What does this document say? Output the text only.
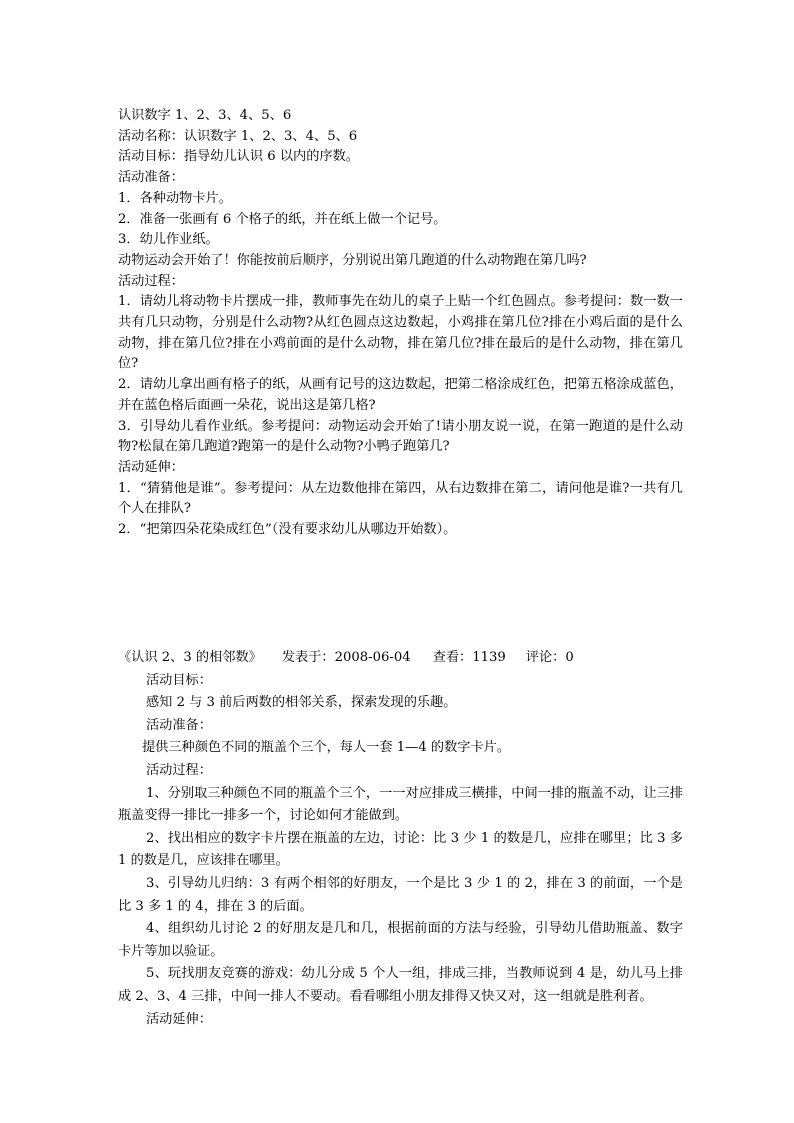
认识数字 1、2、3、4、5、6
活动名称：认识数字 1、2、3、4、5、6
活动目标：指导幼儿认识 6 以内的序数。
活动准备：
1．各种动物卡片。
2．准备一张画有 6 个格子的纸，并在纸上做一个记号。
3．幼儿作业纸。
动物运动会开始了！你能按前后顺序，分别说出第几跑道的什么动物跑在第几吗?
活动过程：
1．请幼儿将动物卡片摆成一排，教师事先在幼儿的桌子上贴一个红色圆点。参考提问：数一数一共有几只动物，分别是什么动物?从红色圆点这边数起，小鸡排在第几位?排在小鸡后面的是什么动物，排在第几位?排在小鸡前面的是什么动物，排在第几位?排在最后的是什么动物，排在第几位?
2．请幼儿拿出画有格子的纸，从画有记号的这边数起，把第二格涂成红色，把第五格涂成蓝色，并在蓝色格后面画一朵花，说出这是第几格?
3．引导幼儿看作业纸。参考提问：动物运动会开始了!请小朋友说一说，在第一跑道的是什么动物?松鼠在第几跑道?跑第一的是什么动物?小鸭子跑第几?
活动延伸：
1．“猜猜他是谁”。参考提问：从左边数他排在第四，从右边数排在第二，请问他是谁?一共有几个人在排队?
2．“把第四朵花染成红色”（没有要求幼儿从哪边开始数）。
《认识 2、3 的相邻数》 发表于：2008-06-04 查看：1139 评论：0
活动目标：
感知 2 与 3 前后两数的相邻关系，探索发现的乐趣。
活动准备：
提供三种颜色不同的瓶盖个三个，每人一套 1—4 的数字卡片。
活动过程：
1、分别取三种颜色不同的瓶盖个三个，一一对应排成三横排，中间一排的瓶盖不动，让三排瓶盖变得一排比一排多一个，讨论如何才能做到。
2、找出相应的数字卡片摆在瓶盖的左边，讨论：比 3 少 1 的数是几，应排在哪里；比 3 多 1 的数是几，应该排在哪里。
3、引导幼儿归纳：3 有两个相邻的好朋友，一个是比 3 少 1 的 2，排在 3 的前面，一个是比 3 多 1 的 4，排在 3 的后面。
4、组织幼儿讨论 2 的好朋友是几和几，根据前面的方法与经验，引导幼儿借助瓶盖、数字卡片等加以验证。
5、玩找朋友竞赛的游戏：幼儿分成 5 个人一组，排成三排，当教师说到 4 是，幼儿马上排成 2、3、4 三排，中间一排人不要动。看看哪组小朋友排得又快又对，这一组就是胜利者。
活动延伸：
